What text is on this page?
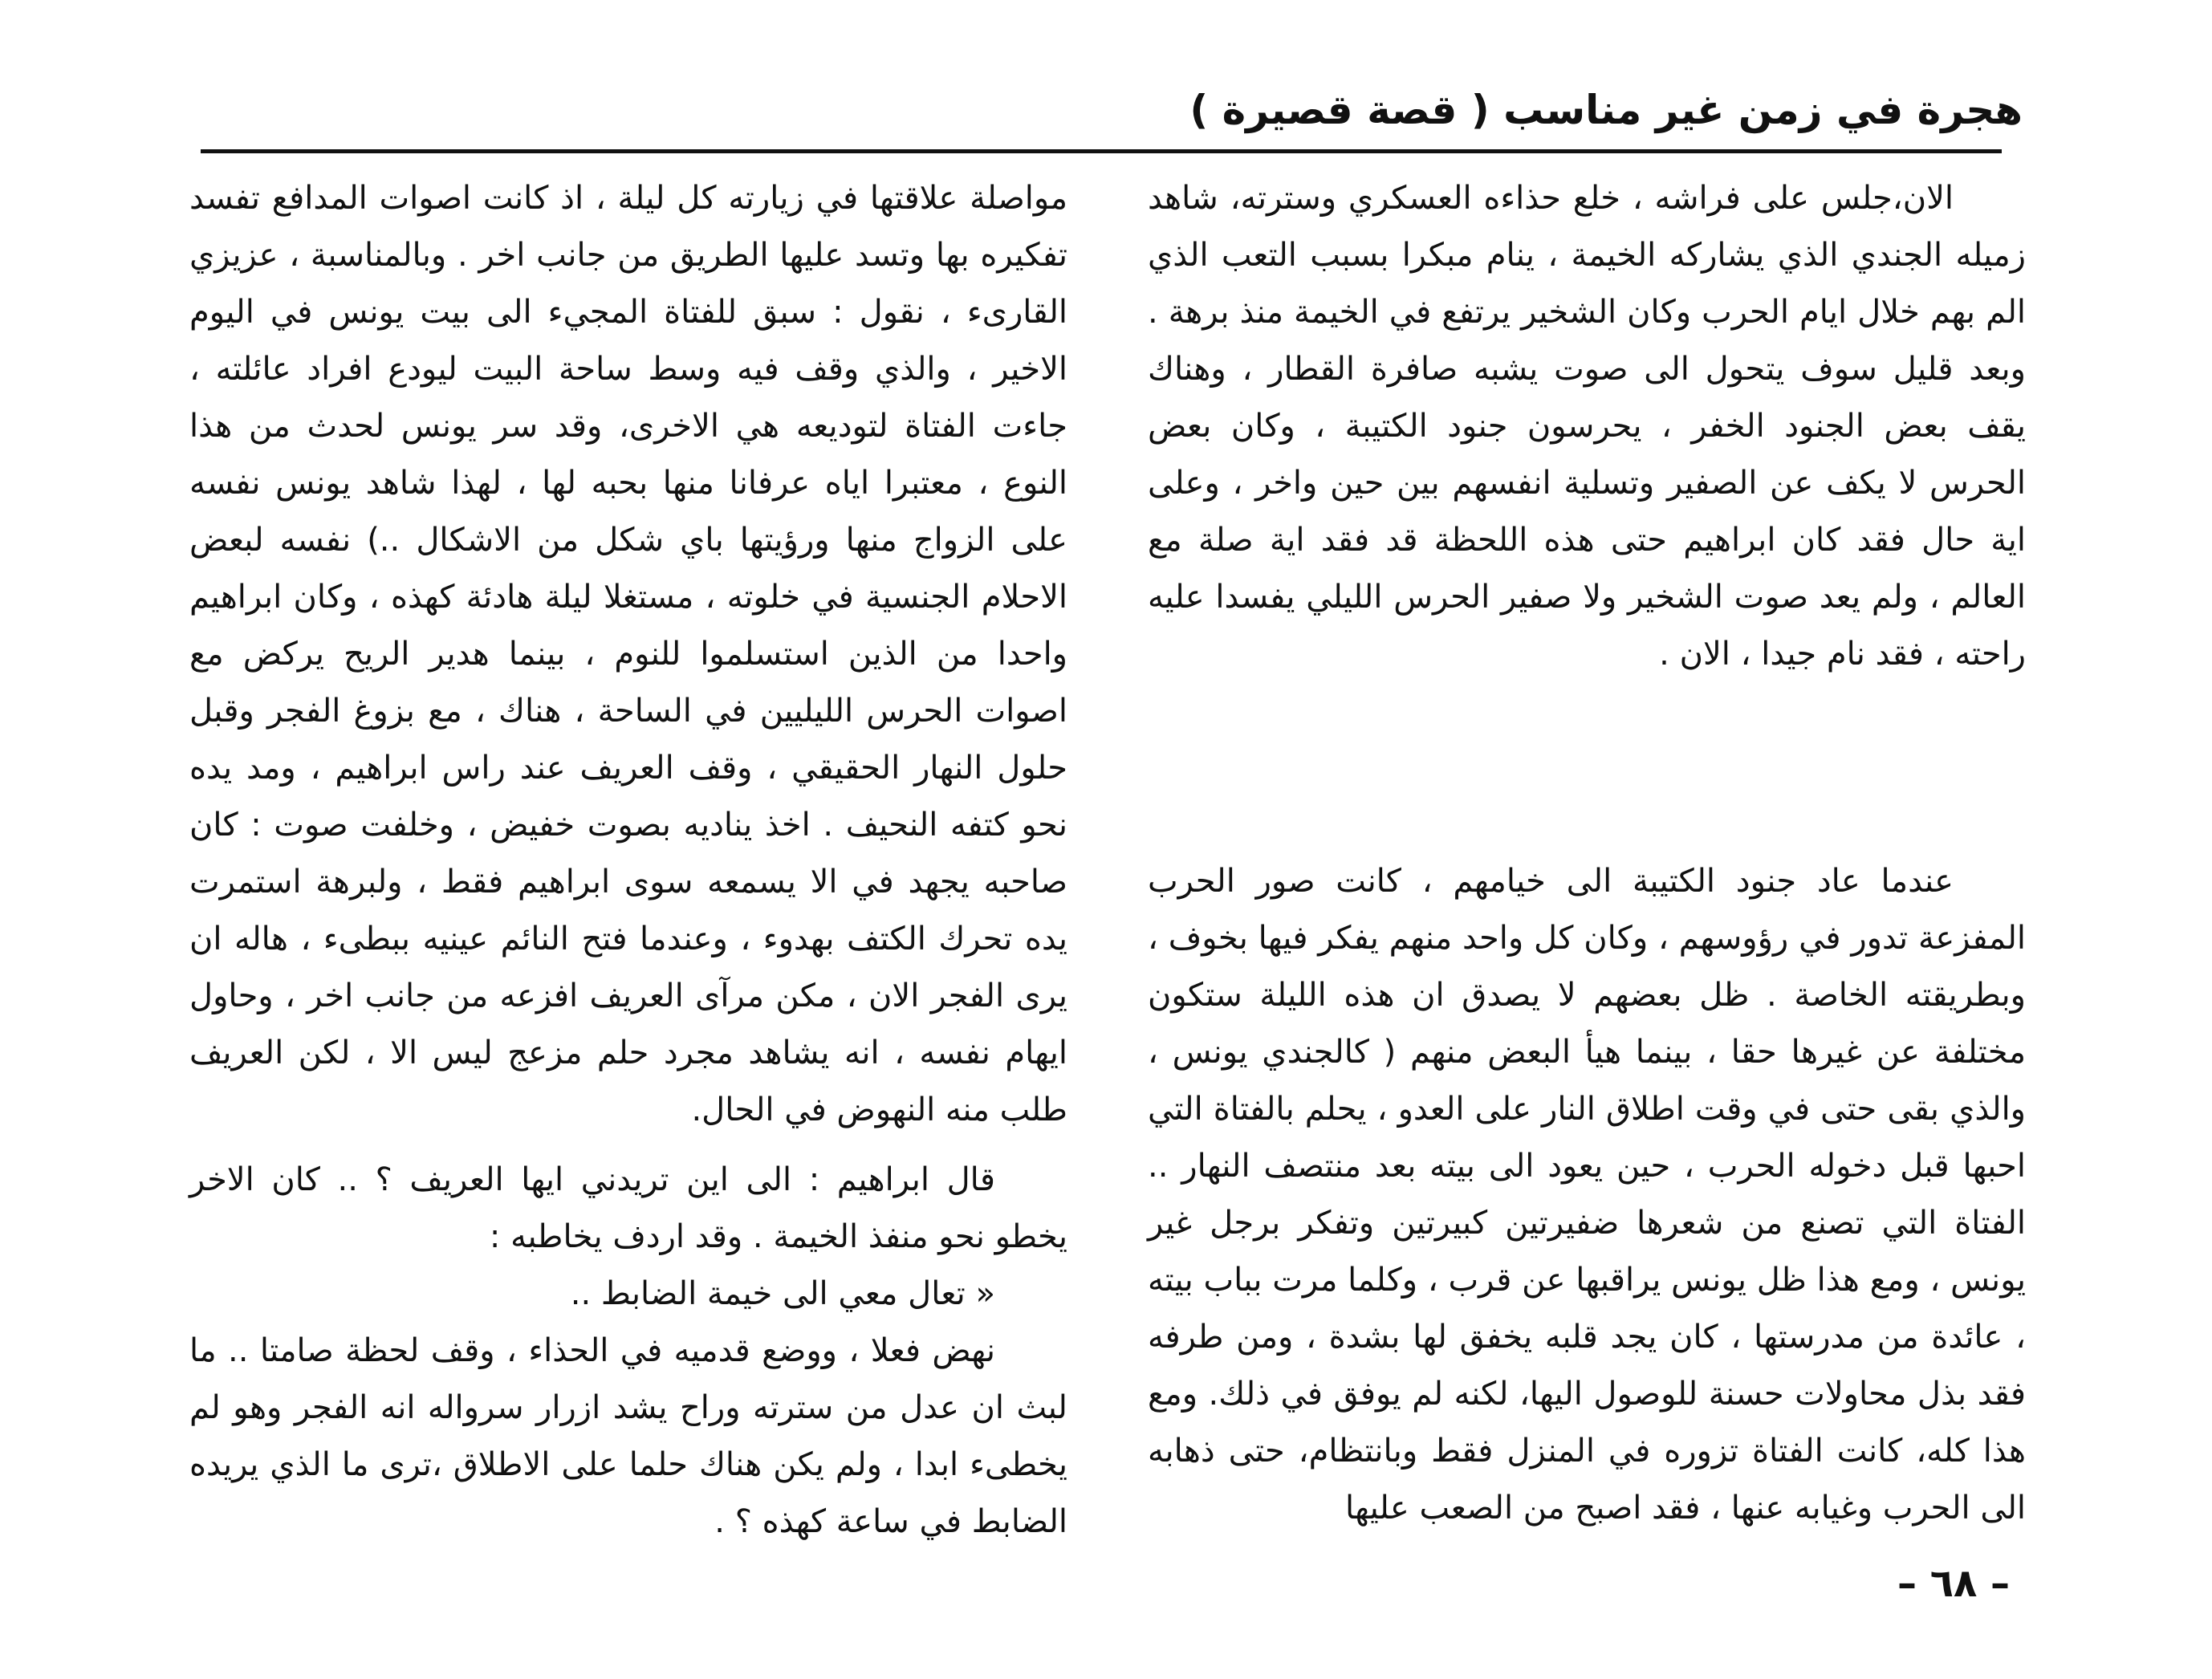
هجرة في زمن غير مناسب ( قصة قصيرة )

الان،جلس على فراشه ، خلع حذاءه العسكري وسترته، شاهد زميله الجندي الذي يشاركه الخيمة ، ينام مبكرا بسبب التعب الذي الم بهم خلال ايام الحرب وكان الشخير يرتفع في الخيمة منذ برهة . وبعد قليل سوف يتحول الى صوت يشبه صافرة القطار ، وهناك يقف بعض الجنود الخفر ، يحرسون جنود الكتيبة ، وكان بعض الحرس لا يكف عن الصفير وتسلية انفسهم بين حين واخر ، وعلى اية حال فقد كان ابراهيم حتى هذه اللحظة قد فقد اية صلة مع العالم ، ولم يعد صوت الشخير ولا صفير الحرس الليلي يفسدا عليه راحته ، فقد نام جيدا ، الان .

عندما عاد جنود الكتيبة الى خيامهم ، كانت صور الحرب المفزعة تدور في رؤوسهم ، وكان كل واحد منهم يفكر فيها بخوف ، وبطريقته الخاصة . ظل بعضهم لا يصدق ان هذه الليلة ستكون مختلفة عن غيرها حقا ، بينما هيأ البعض منهم ( كالجندي يونس ، والذي بقى حتى في وقت اطلاق النار على العدو ، يحلم بالفتاة التي احبها قبل دخوله الحرب ، حين يعود الى بيته بعد منتصف النهار .. الفتاة التي تصنع من شعرها ضفيرتين كبيرتين وتفكر برجل غير يونس ، ومع هذا ظل يونس يراقبها عن قرب ، وكلما مرت بباب بيته ، عائدة من مدرستها ، كان يجد قلبه يخفق لها بشدة ، ومن طرفه فقد بذل محاولات حسنة للوصول اليها، لكنه لم يوفق في ذلك. ومع هذا كله، كانت الفتاة تزوره في المنزل فقط وبانتظام، حتى ذهابه الى الحرب وغيابه عنها ، فقد اصبح من الصعب عليها

مواصلة علاقتها في زيارته كل ليلة ، اذ كانت اصوات المدافع تفسد تفكيره بها وتسد عليها الطريق من جانب اخر . وبالمناسبة ، عزيزي القارىء ، نقول : سبق للفتاة المجيء الى بيت يونس في اليوم الاخير ، والذي وقف فيه وسط ساحة البيت ليودع افراد عائلته ، جاءت الفتاة لتوديعه هي الاخرى، وقد سر يونس لحدث من هذا النوع ، معتبرا اياه عرفانا منها بحبه لها ، لهذا شاهد يونس نفسه على الزواج منها ورؤيتها باي شكل من الاشكال ..) نفسه لبعض الاحلام الجنسية في خلوته ، مستغلا ليلة هادئة كهذه ، وكان ابراهيم واحدا من الذين استسلموا للنوم ، بينما هدير الريح يركض مع اصوات الحرس الليليين في الساحة ، هناك ، مع بزوغ الفجر وقبل حلول النهار الحقيقي ، وقف العريف عند راس ابراهيم ، ومد يده نحو كتفه النحيف . اخذ يناديه بصوت خفيض ، وخلفت صوت : كان صاحبه يجهد في الا يسمعه سوى ابراهيم فقط ، ولبرهة استمرت يده تحرك الكتف بهدوء ، وعندما فتح النائم عينيه ببطىء ، هاله ان يرى الفجر الان ، مكن مرآى العريف افزعه من جانب اخر ، وحاول ايهام نفسه ، انه يشاهد مجرد حلم مزعج ليس الا ، لكن العريف طلب منه النهوض في الحال.

قال ابراهيم : الى اين تريدني ايها العريف ؟ .. كان الاخر يخطو نحو منفذ الخيمة . وقد اردف يخاطبه :

« تعال معي الى خيمة الضابط ..

نهض فعلا ، ووضع قدميه في الحذاء ، وقف لحظة صامتا .. ما لبث ان عدل من سترته وراح يشد ازرار سرواله انه الفجر وهو لم يخطىء ابدا ، ولم يكن هناك حلما على الاطلاق ،ترى ما الذي يريده الضابط في ساعة كهذه ؟ .

– ٦٨ –
